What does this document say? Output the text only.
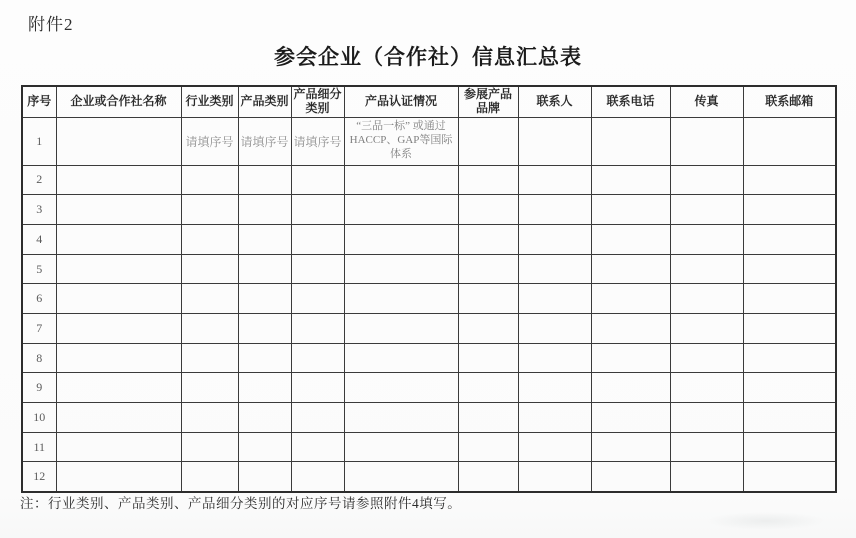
附件2
参会企业（合作社）信息汇总表
序号	企业或合作社名称	行业类别	产品类别	产品细分类别	产品认证情况	参展产品品牌	联系人	联系电话	传真	联系邮箱
1		请填序号	请填序号	请填序号	“三品一标” 或通过HACCP、GAP等国际体系					
2										
3										
4										
5										
6										
7										
8										
9										
10										
11										
12										
注：行业类别、产品类别、产品细分类别的对应序号请参照附件4填写。
